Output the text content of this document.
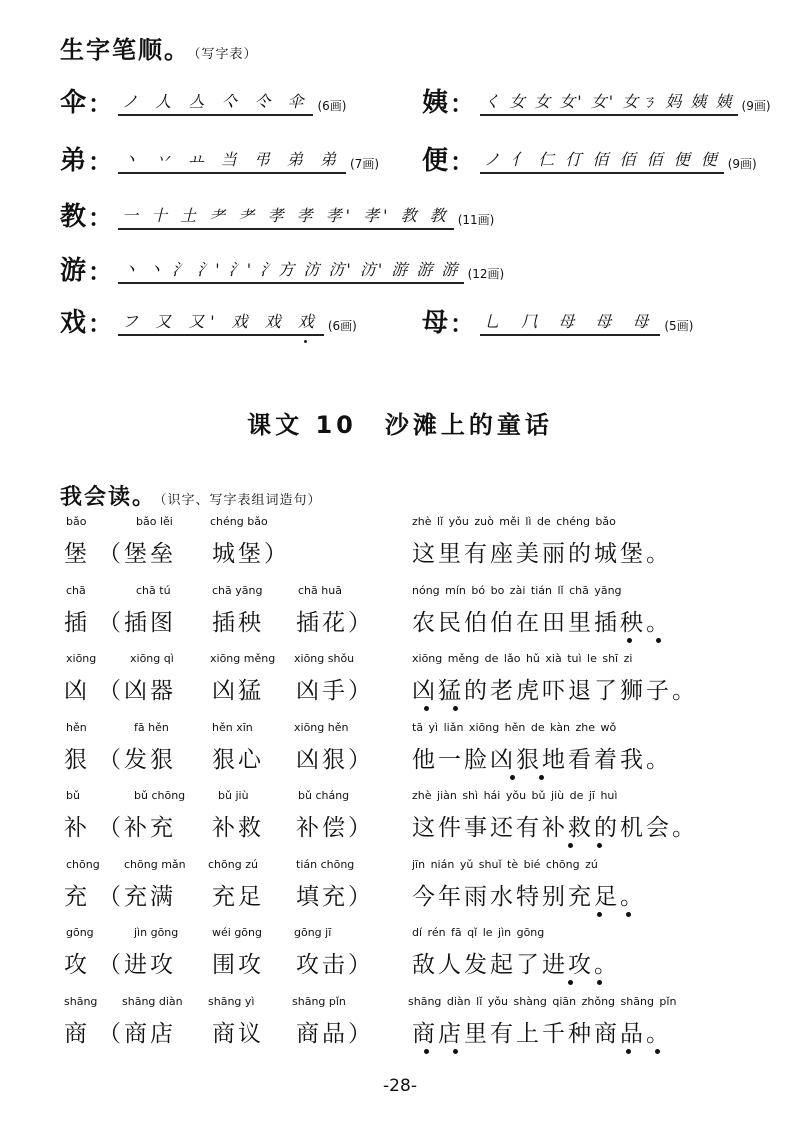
生字笔顺。 （写字表）
伞 ： ノ 人 亼 亽 仒 伞 (6画)	姨 ： く 女 女 女' 女' 女ㄋ 妈 姨 姨 (9画)
弟 ： 丶 丷 ㅛ 当 弔 弟 弟 (7画) 便 ： ノ 亻 仁 仃 佰 佰 佰 便 便 (9画)
教 ： 一 十 土 耂 耂 孝 孝 孝' 孝' 教 教 (11画)
游 ： 丶 丶 氵 氵' 氵' 氵方 汸 汸' 汸' 游 游 游 (12画)
戏 ： フ 又 又' 戏 戏 戏 (6画)	母 ： 乚 𠘨 母 母 母 (5画)
课文 10　沙滩上的童话
我会读。 （识字、写字表组词造句）
bǎo
堡
bǎo lěi
（堡垒
chéng bǎo
城堡）
zhè lǐ yǒu zuò měi lì de chéng bǎo
这里有座美丽的城堡。
chā
插
chā tú
（插图
chā yāng
插秧
chā huā
插花）
nóng mín bó bo zài tián lǐ chā yāng
农民伯伯在田里插秧。
xiōng
凶
xiōng qì
（凶器
xiōng měng
凶猛
xiōng shǒu
凶手）
xiōng měng de lǎo hǔ xià tuì le shī zi
凶猛的老虎吓退了狮子。
hěn
狠
fā hěn
（发狠
hěn xīn
狠心
xiōng hěn
凶狠）
tā yì liǎn xiōng hěn de kàn zhe wǒ
他一脸凶狠地看着我。
bǔ
补
bǔ chōng
（补充
bǔ jiù
补救
bǔ cháng
补偿）
zhè jiàn shì hái yǒu bǔ jiù de jī huì
这件事还有补救的机会。
chōng
充
chōng mǎn
（充满
chōng zú
充足
tián chōng
填充）
jīn nián yǔ shuǐ tè bié chōng zú
今年雨水特别充足。
gōng
攻
jìn gōng
（进攻
wéi gōng
围攻
gōng jī
攻击）
dí rén fā qǐ le jìn gōng
敌人发起了进攻。
shāng
商
shāng diàn
（商店
shāng yì
商议
shāng pǐn
商品）
shāng diàn lǐ yǒu shàng qiān zhǒng shāng pǐn
商店里有上千种商品。
-28-
